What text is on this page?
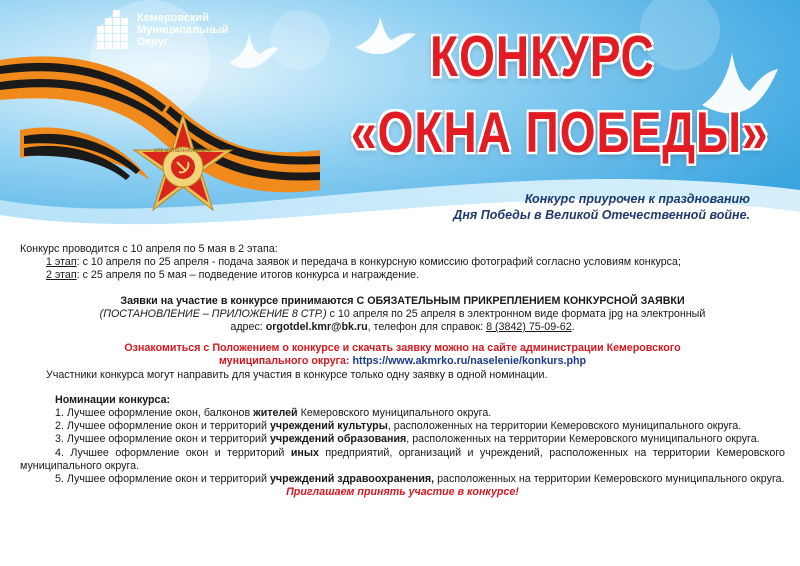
ОТЕЧЕСТВЕННАЯ ВОЙНА
Кемеровский
Муниципальный
Округ	КОНКУРС
«ОКНА ПОБЕДЫ»
Конкурс приурочен к празднованию
Дня Победы в Великой Отечественной войне.

Конкурс проводится с 10 апреля по 5 мая в 2 этапа:

1 этап: с 10 апреля по 25 апреля - подача заявок и передача в конкурсную комиссию фотографий согласно условиям конкурса;

2 этап: с 25 апреля по 5 мая – подведение итогов конкурса и награждение.

Заявки на участие в конкурсе принимаются С ОБЯЗАТЕЛЬНЫМ ПРИКРЕПЛЕНИЕМ КОНКУРСНОЙ ЗАЯВКИ

(ПОСТАНОВЛЕНИЕ – ПРИЛОЖЕНИЕ 8 СТР.) с 10 апреля по 25 апреля в электронном виде формата jpg на электронный

адрес: orgotdel.kmr@bk.ru, телефон для справок: 8 (3842) 75-09-62.

Ознакомиться с Положением о конкурсе и скачать заявку можно на сайте администрации Кемеровского

муниципального округа: https://www.akmrko.ru/naselenie/konkurs.php

Участники конкурса могут направить для участия в конкурсе только одну заявку в одной номинации.

Номинации конкурса:

1. Лучшее оформление окон, балконов жителей Кемеровского муниципального округа.

2. Лучшее оформление окон и территорий учреждений культуры, расположенных на территории Кемеровского муниципального округа.

3. Лучшее оформление окон и территорий учреждений образования, расположенных на территории Кемеровского муниципального округа.

4. Лучшее оформление окон и территорий иных предприятий, организаций и учреждений, расположенных на территории Кемеровского муниципального округа.

5. Лучшее оформление окон и территорий учреждений здравоохранения, расположенных на территории Кемеровского муниципального округа.

Приглашаем принять участие в конкурсе!
